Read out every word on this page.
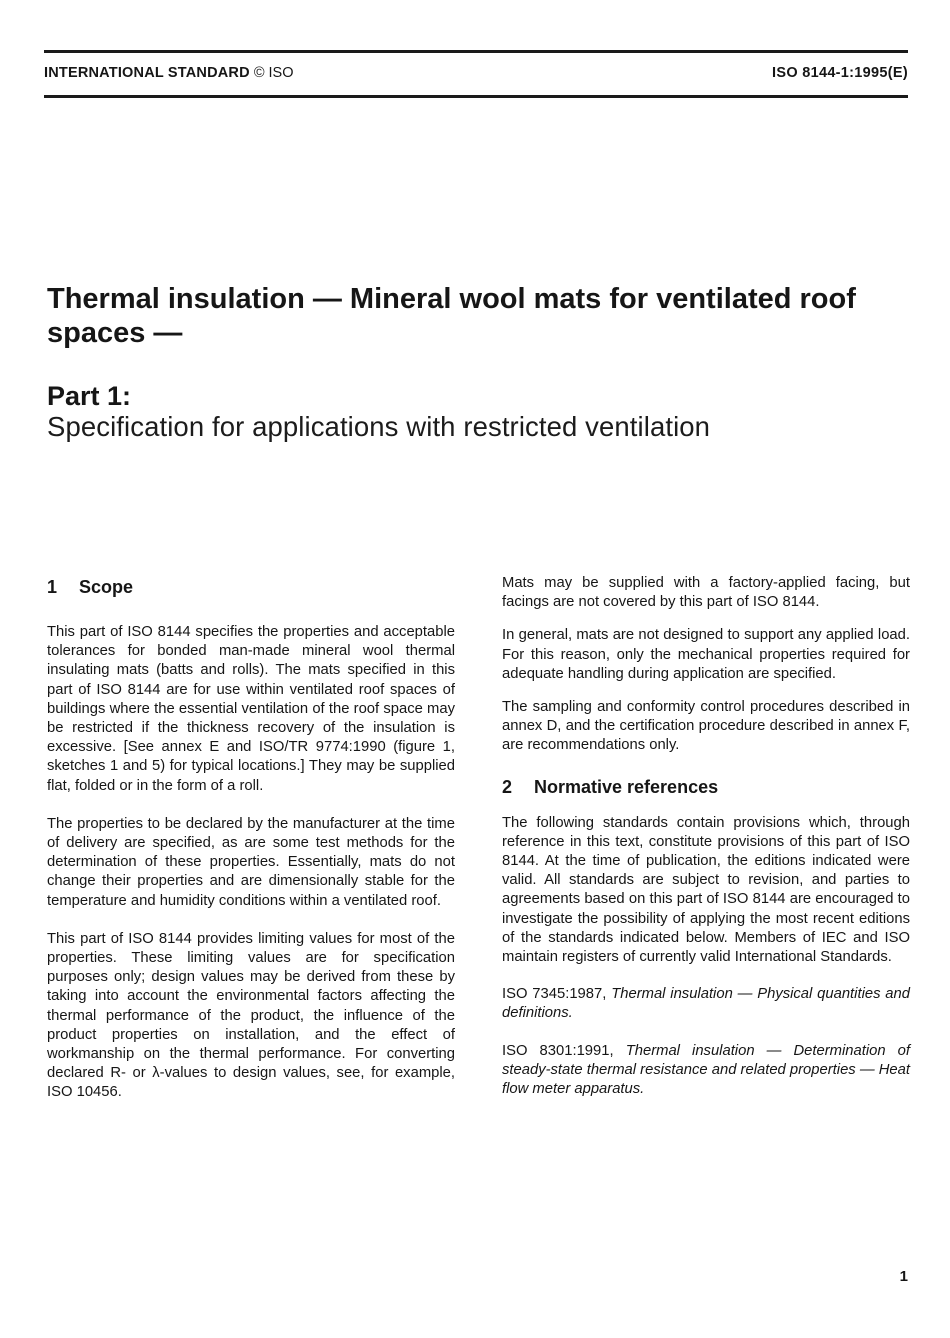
INTERNATIONAL STANDARD © ISO	ISO 8144-1:1995(E)
Thermal insulation — Mineral wool mats for ventilated roof spaces —
Part 1:
Specification for applications with restricted ventilation
1 Scope

This part of ISO 8144 specifies the properties and acceptable tolerances for bonded man-made mineral wool thermal insulating mats (batts and rolls). The mats specified in this part of ISO 8144 are for use within ventilated roof spaces of buildings where the essential ventilation of the roof space may be restricted if the thickness recovery of the insulation is excessive. [See annex E and ISO/TR 9774:1990 (figure 1, sketches 1 and 5) for typical locations.] They may be supplied flat, folded or in the form of a roll.

The properties to be declared by the manufacturer at the time of delivery are specified, as are some test methods for the determination of these properties. Essentially, mats do not change their properties and are dimensionally stable for the temperature and humidity conditions within a ventilated roof.

This part of ISO 8144 provides limiting values for most of the properties. These limiting values are for specification purposes only; design values may be derived from these by taking into account the environmental factors affecting the thermal performance of the product, the influence of the product properties on installation, and the effect of workmanship on the thermal performance. For converting declared R- or λ-values to design values, see, for example, ISO 10456.

Mats may be supplied with a factory-applied facing, but facings are not covered by this part of ISO 8144.

In general, mats are not designed to support any applied load. For this reason, only the mechanical properties required for adequate handling during application are specified.

The sampling and conformity control procedures described in annex D, and the certification procedure described in annex F, are recommendations only.

2 Normative references

The following standards contain provisions which, through reference in this text, constitute provisions of this part of ISO 8144. At the time of publication, the editions indicated were valid. All standards are subject to revision, and parties to agreements based on this part of ISO 8144 are encouraged to investigate the possibility of applying the most recent editions of the standards indicated below. Members of IEC and ISO maintain registers of currently valid International Standards.

ISO 7345:1987, Thermal insulation — Physical quantities and definitions.

ISO 8301:1991, Thermal insulation — Determination of steady-state thermal resistance and related properties — Heat flow meter apparatus.

1
